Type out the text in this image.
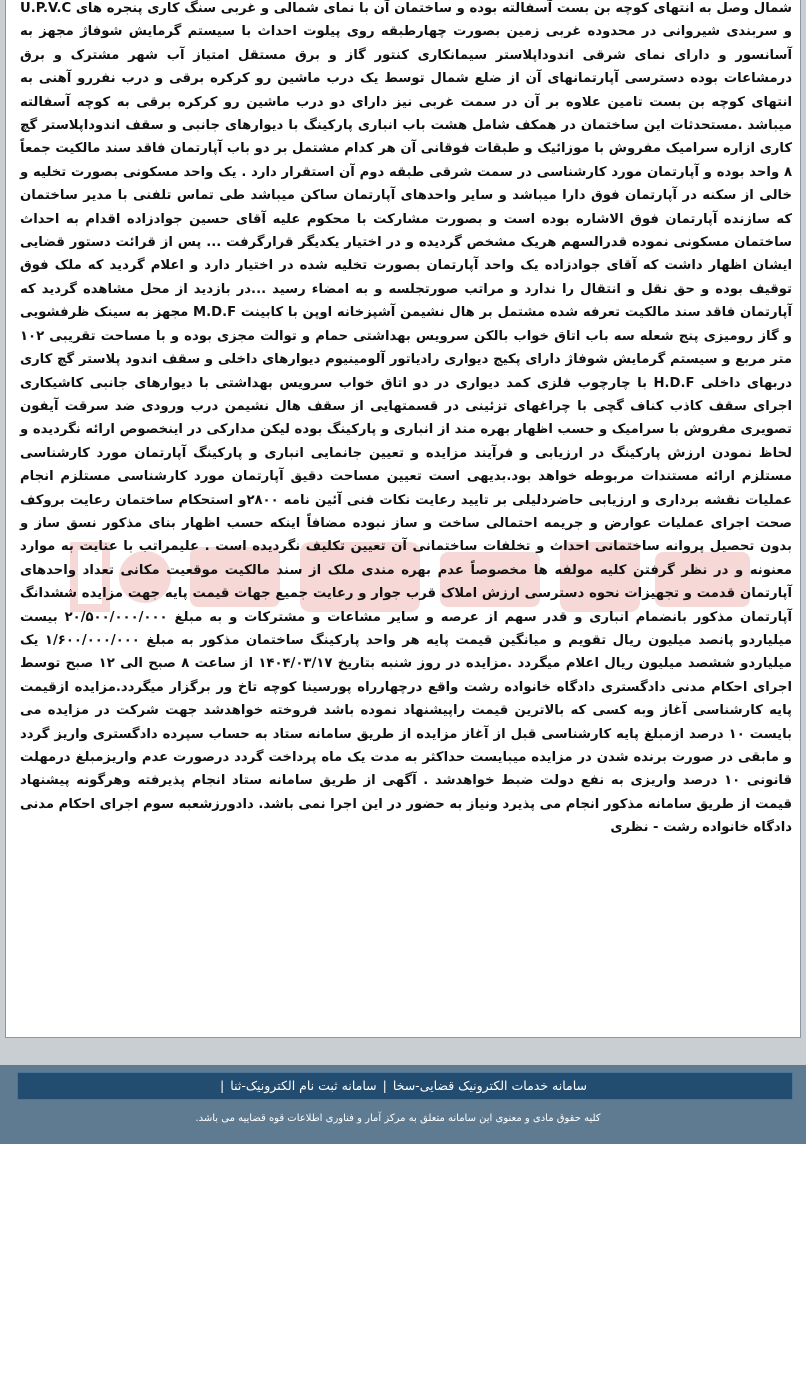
شمال وصل به انتهای کوچه بن بست آسفالته بوده و ساختمان آن با نمای شمالی و غربی سنگ کاری پنجره های U.P.V.C و سربندی شیروانی در محدوده غربی زمین بصورت چهارطبقه روی پیلوت احداث با سیستم گرمایش شوفاژ مجهز به آسانسور و دارای نمای شرقی اندوداپلاستر سیمانکاری کنتور گاز و برق مستقل امتیاز آب شهر مشترک و برق درمشاعات بوده دسترسی آپارتمانهای آن از ضلع شمال توسط یک درب ماشین رو کرکره برقی و درب نفررو آهنی به انتهای کوچه بن بست تامین علاوه بر آن در سمت غربی نیز دارای دو درب ماشین رو کرکره برقی به کوچه آسفالته میباشد .مستحدثات این ساختمان در همکف شامل هشت باب انباری پارکینگ با دیوارهای جانبی و سقف اندوداپلاستر گچ کاری ازاره سرامیک مفروش با موزائیک و طبقات فوقانی آن هر کدام مشتمل بر دو باب آپارتمان فاقد سند مالکیت جمعاً ۸ واحد بوده و آپارتمان مورد کارشناسی در سمت شرقی طبقه دوم آن استقرار دارد . یک واحد مسکونی بصورت تخلیه و خالی از سکنه در آپارتمان فوق دارا میباشد و سایر واحدهای آپارتمان ساکن میباشد طی تماس تلفنی با مدیر ساختمان که سازنده آپارتمان فوق الاشاره بوده است و بصورت مشارکت با محکوم علیه آقای حسین جوادزاده اقدام به احداث ساختمان مسکونی نموده قدرالسهم هریک مشخص گردیده و در اختیار یکدیگر قرارگرفت ... پس از قرائت دستور قضایی ایشان اظهار داشت که آقای جوادزاده یک واحد آپارتمان بصورت تخلیه شده در اختیار دارد و اعلام گردید که ملک فوق توقیف بوده و حق نقل و انتقال را ندارد و مراتب صورتجلسه و به امضاء رسید ...در بازدید از محل مشاهده گردید که آپارتمان فاقد سند مالکیت تعرفه شده مشتمل بر هال نشیمن آشپزخانه اوپن با کابینت M.D.F مجهز به سینک ظرفشویی و گاز رومیزی پنج شعله سه باب اتاق خواب بالکن سرویس بهداشتی حمام و توالت مجزی بوده و با مساحت تقریبی ۱۰۲ متر مربع و سیستم گرمایش شوفاژ دارای پکیج دیواری رادیاتور آلومینیوم دیوارهای داخلی و سقف اندود پلاستر گچ کاری دربهای داخلی H.D.F با چارچوب فلزی کمد دیواری در دو اتاق خواب سرویس بهداشتی با دیوارهای جانبی کاشیکاری اجرای سقف کاذب کناف گچی با چراغهای تزئینی در قسمتهایی از سقف هال نشیمن درب ورودی ضد سرقت آیفون تصویری مفروش با سرامیک و حسب اظهار بهره مند از انباری و پارکینگ بوده لیکن مدارکی در اینخصوص ارائه نگردیده و لحاظ نمودن ارزش پارکینگ در ارزیابی و فرآیند مزایده و تعیین جانمایی انباری و پارکینگ آپارتمان مورد کارشناسی مستلزم ارائه مستندات مربوطه خواهد بود.بدیهی است تعیین مساحت دقیق آپارتمان مورد کارشناسی مستلزم انجام عملیات نقشه برداری و ارزیابی حاضردلیلی بر تایید رعایت نکات فنی آئین نامه ۲۸۰۰و استحکام ساختمان رعایت بروکف صحت اجرای عملیات عوارض و جریمه احتمالی ساخت و ساز نبوده مضافاً اینکه حسب اظهار بنای مذکور نسق ساز و بدون تحصیل پروانه ساختمانی احداث و تخلفات ساختمانی آن تعیین تکلیف نگردیده است . علیمراتب با عنایت به موارد معنونه و در نظر گرفتن کلیه مولفه ها مخصوصاً عدم بهره مندی ملک از سند مالکیت موقعیت مکانی تعداد واحدهای آپارتمان قدمت و تجهیزات نحوه دسترسی ارزش املاک قرب جوار و رعایت جمیع جهات قیمت پایه جهت مزایده ششدانگ آپارتمان مذکور بانضمام انباری و قدر سهم از عرصه و سایر مشاعات و مشترکات و به مبلغ ۲۰/۵۰۰/۰۰۰/۰۰۰ بیست میلیاردو پانصد میلیون ریال تقویم و میانگین قیمت پایه هر واحد پارکینگ ساختمان مذکور به مبلغ ۱/۶۰۰/۰۰۰/۰۰۰ یک میلیاردو ششصد میلیون ریال اعلام میگردد .مزایده در روز شنبه بتاریخ ۱۴۰۴/۰۳/۱۷ از ساعت ۸ صبح الی ۱۲ صبح توسط اجرای احکام مدنی دادگستری دادگاه خانواده رشت واقع درچهارراه پورسینا کوچه تاخ ور برگزار میگردد.مزایده ازقیمت پایه کارشناسی آغاز وبه کسی که بالاترین قیمت راپیشنهاد نموده باشد فروخته خواهدشد جهت شرکت در مزایده می بایست ۱۰ درصد ازمبلغ پایه کارشناسی قبل از آغاز مزایده از طریق سامانه ستاد به حساب سپرده دادگستری واریز گردد و مابقی در صورت برنده شدن در مزایده میبایست حداکثر به مدت یک ماه پرداخت گردد درصورت عدم واریزمبلغ درمهلت قانونی ۱۰ درصد واریزی به نفع دولت ضبط خواهدشد . آگهی از طریق سامانه ستاد انجام پذیرفته وهرگونه پیشنهاد قیمت از طریق سامانه مذکور انجام می پذیرد ونیاز به حضور در این اجرا نمی باشد. دادورزشعبه سوم اجرای احکام مدنی دادگاه خانواده رشت - نظری

سامانه خدمات الکترونیک قضایی-سخا|سامانه ثبت نام الکترونیک-ثنا|
کلیه حقوق مادی و معنوی این سامانه متعلق به مرکز آمار و فناوری اطلاعات قوه قضاییه می باشد.
